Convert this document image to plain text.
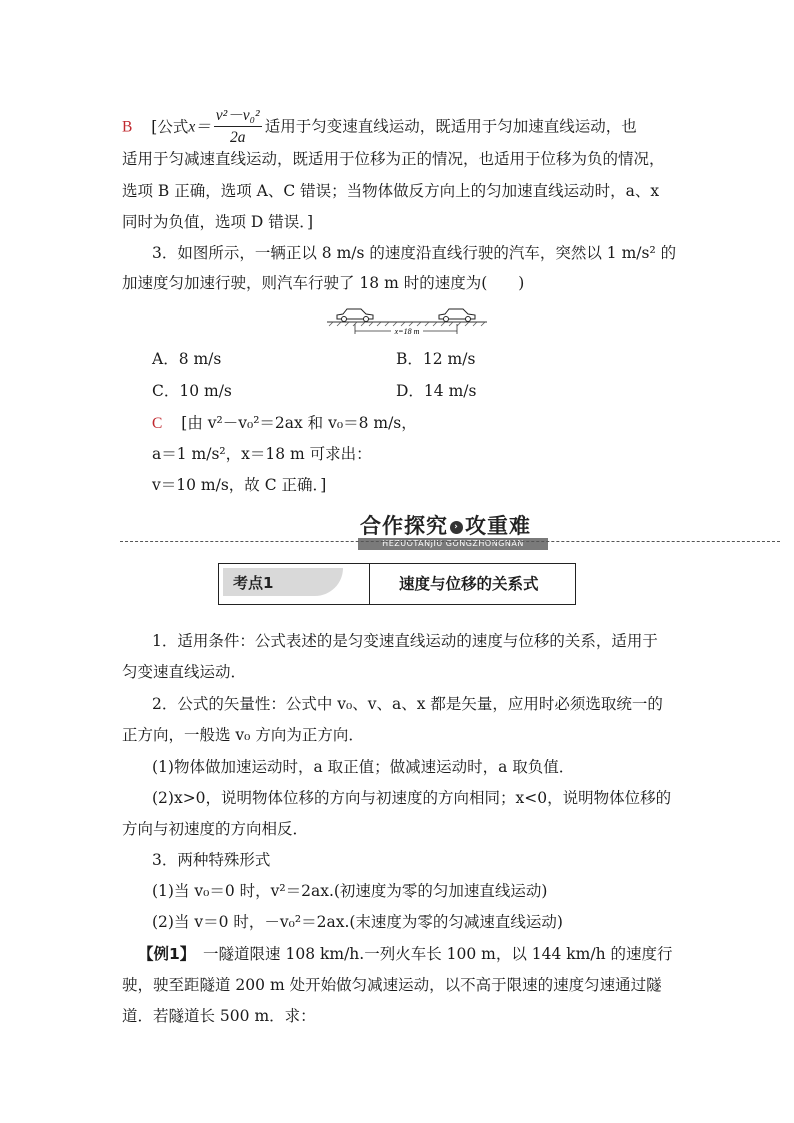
B [公式$x= \frac{\text{v²－v₀²}}{2a}$ 适用于匀变速直线运动，既适用于匀加速直线运动，也
适用于匀减速直线运动，既适用于位移为正的情况，也适用于位移为负的情况，
选项 B 正确，选项 A、C 错误；当物体做反方向上的匀加速直线运动时，a、x
同时为负值，选项 D 错误．]
3．如图所示，一辆正以 8 m/s 的速度沿直线行驶的汽车，突然以 1 m/s² 的
加速度匀加速行驶，则汽车行驶了 18 m 时的速度为(　　)
x=18 m
A．8 m/s	B．12 m/s
C．10 m/s	D．14 m/s
C [由 v²－v₀²＝2ax 和 v₀＝8 m/s，
a＝1 m/s²，x＝18 m 可求出：
v＝10 m/s，故 C 正确．]
合作探究 › 攻重难
HEZUOTANJIU GONGZHONGNAN
考点1	速度与位移的关系式
1．适用条件：公式表述的是匀变速直线运动的速度与位移的关系，适用于
匀变速直线运动．
2．公式的矢量性：公式中 v₀、v、a、x 都是矢量，应用时必须选取统一的
正方向，一般选 v₀ 方向为正方向．
(1)物体做加速运动时，a 取正值；做减速运动时，a 取负值．
(2)x>0，说明物体位移的方向与初速度的方向相同；x<0，说明物体位移的
方向与初速度的方向相反．
3．两种特殊形式
(1)当 v₀＝0 时，v²＝2ax.(初速度为零的匀加速直线运动)
(2)当 v＝0 时，－v₀²＝2ax.(末速度为零的匀减速直线运动)
【例1】　一隧道限速 108 km/h.一列火车长 100 m，以 144 km/h 的速度行
驶，驶至距隧道 200 m 处开始做匀减速运动，以不高于限速的速度匀速通过隧
道．若隧道长 500 m．求：
